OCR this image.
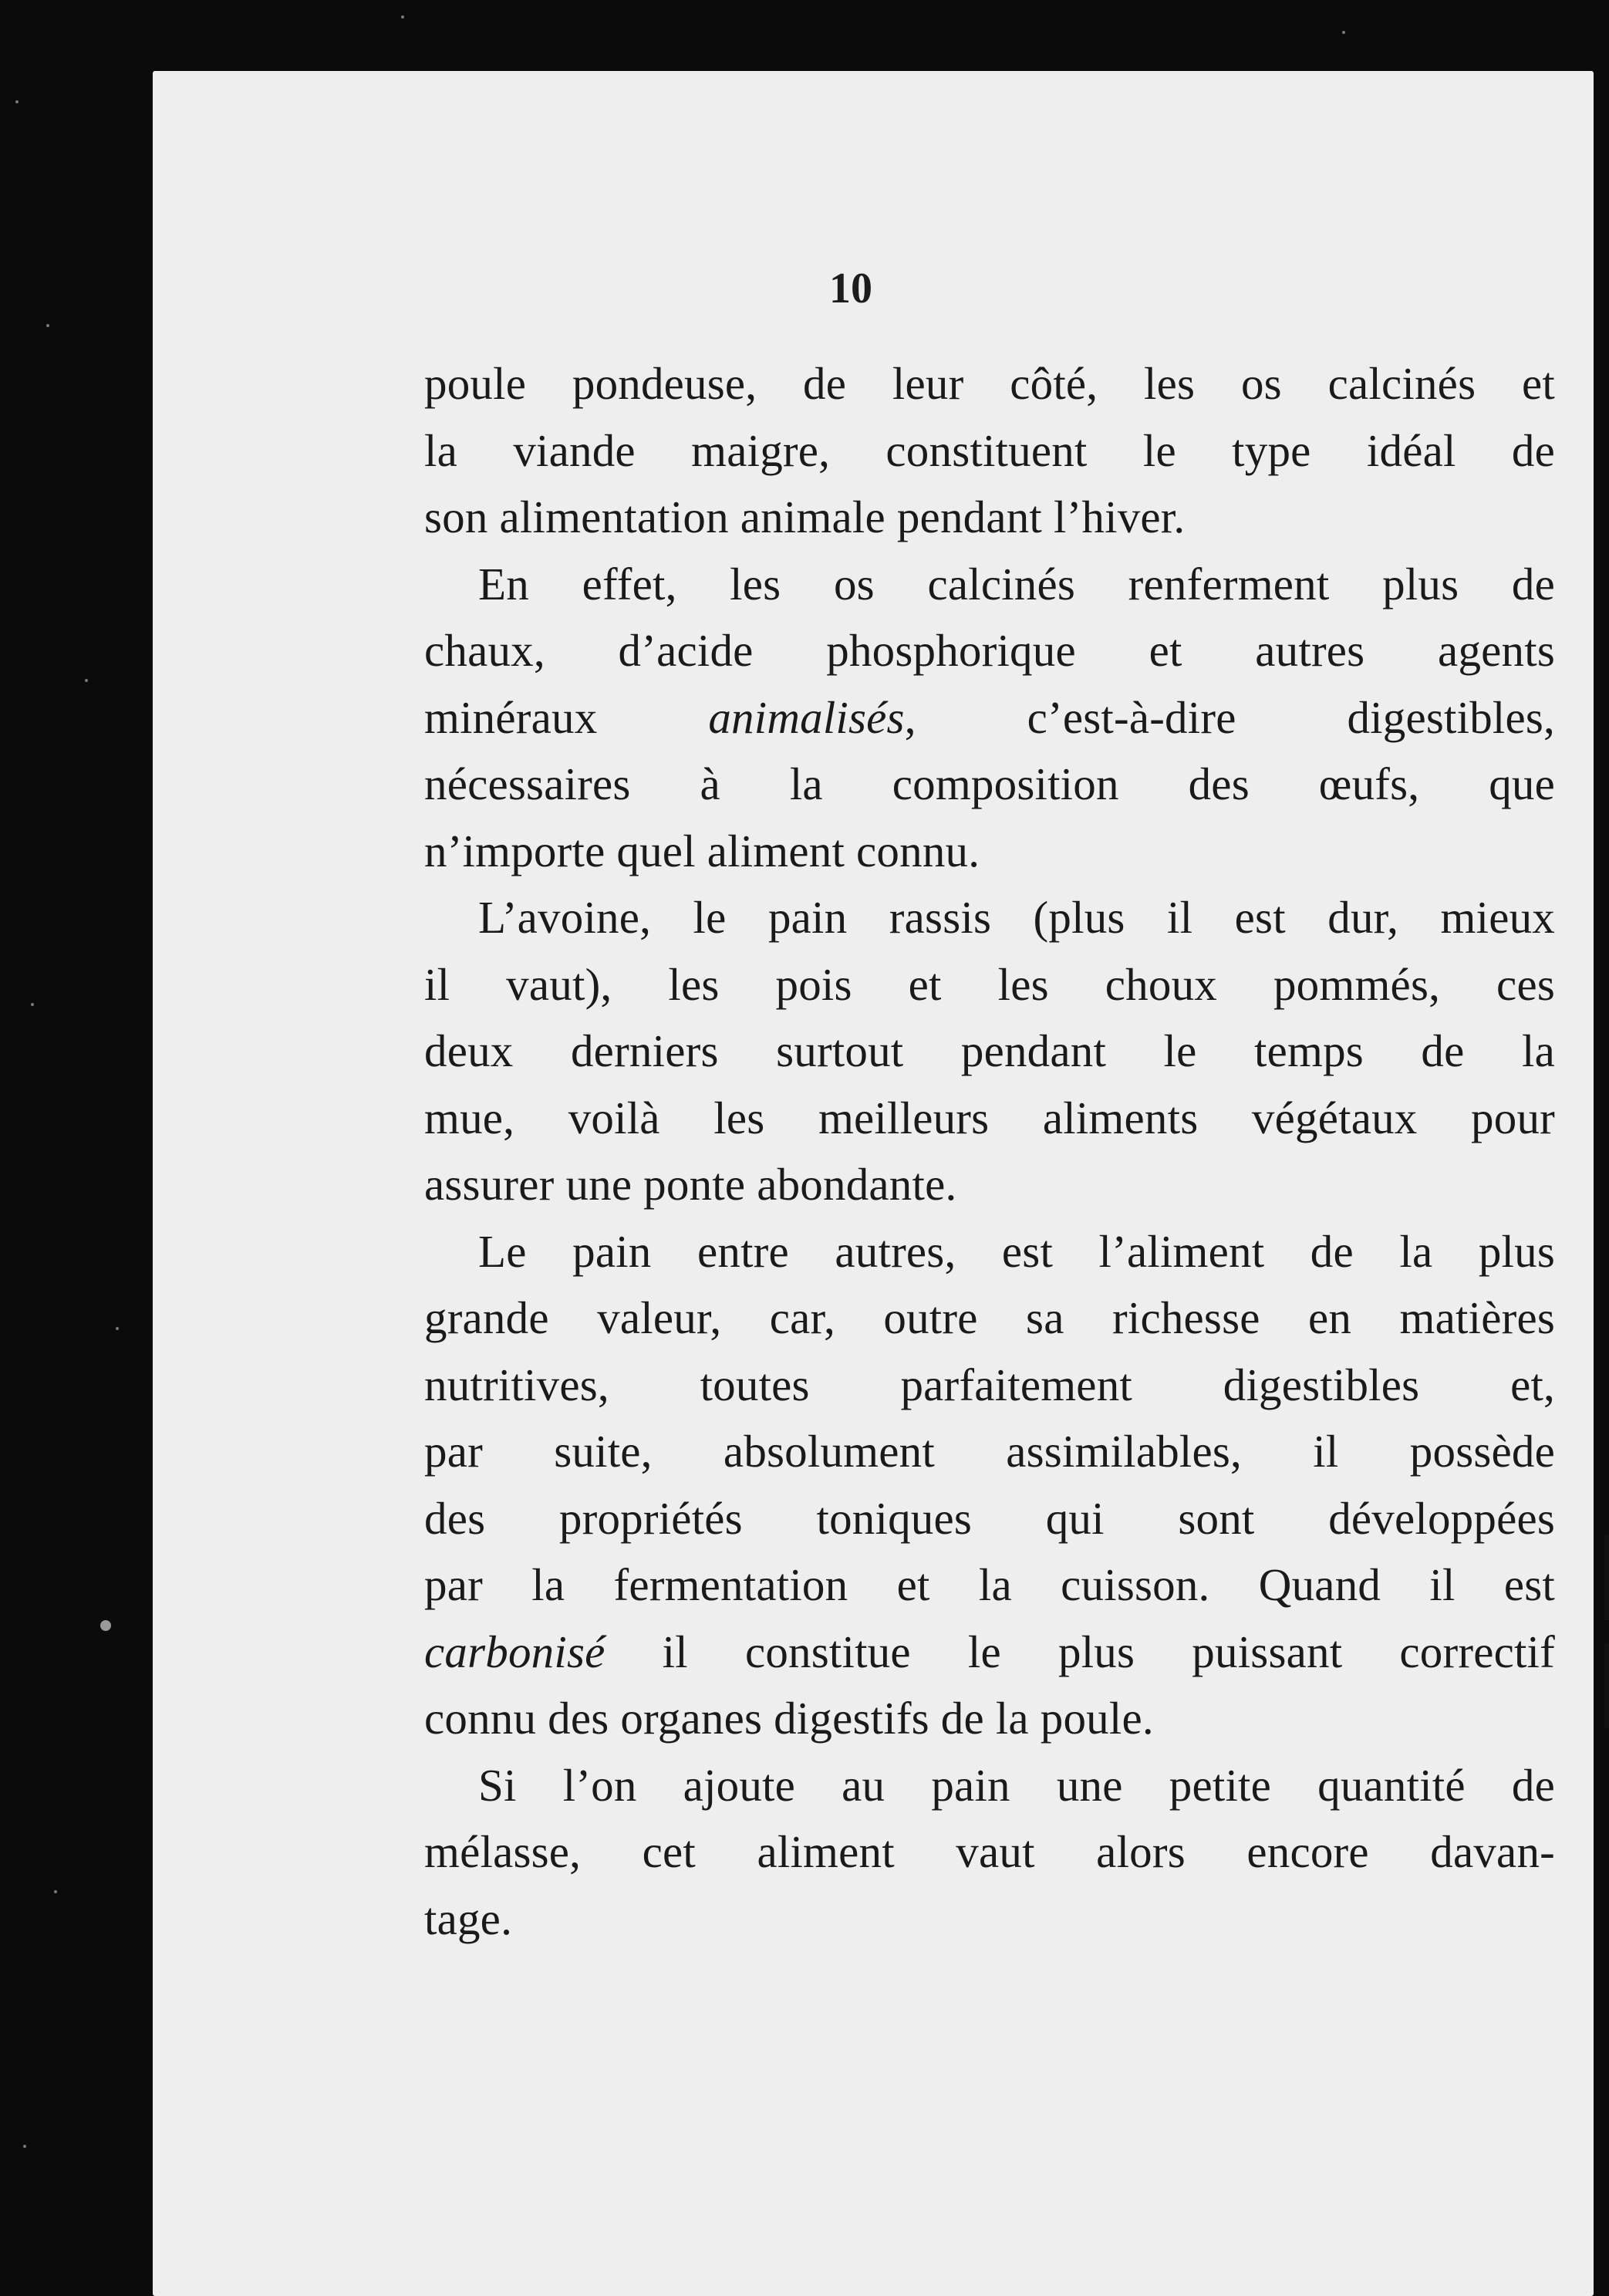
10

poule pondeuse, de leur côté, les os calcinés et
la viande maigre, constituent le type idéal de
son alimentation animale pendant l’hiver.

En effet, les os calcinés renferment plus de
chaux, d’acide phosphorique et autres agents
minéraux animalisés, c’est-à-dire digestibles,
nécessaires à la composition des œufs, que
n’importe quel aliment connu.

L’avoine, le pain rassis (plus il est dur, mieux
il vaut), les pois et les choux pommés, ces
deux derniers surtout pendant le temps de la
mue, voilà les meilleurs aliments végétaux pour
assurer une ponte abondante.

Le pain entre autres, est l’aliment de la plus
grande valeur, car, outre sa richesse en matières
nutritives, toutes parfaitement digestibles et,
par suite, absolument assimilables, il possède
des propriétés toniques qui sont développées
par la fermentation et la cuisson. Quand il est
carbonisé il constitue le plus puissant correctif
connu des organes digestifs de la poule.

Si l’on ajoute au pain une petite quantité de
mélasse, cet aliment vaut alors encore davan-
tage.
